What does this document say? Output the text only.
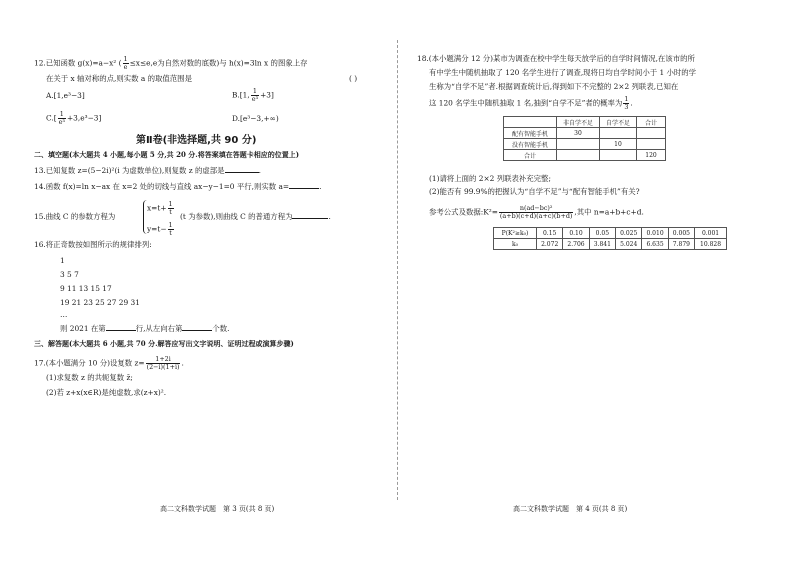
12.已知函数 g(x)=a−x² ( $\frac{1}{e} \le x\le e,e$为自然对数的底数)与 h(x)=3ln x 的图象上存
在关于 x 轴对称的点,则实数 a 的取值范围是	( )
A.[1,e³−3]	B.[1, $\frac{1}{\text{e³}} +3$]
$C.[ \frac{1}{\text{e³}} +3,e^3-3]$	D.[e³−3,+∞)
第Ⅱ卷(非选择题,共 90 分)
二、填空题(本大题共 4 小题,每小题 5 分,共 20 分.将答案填在答题卡相应的位置上)
13.已知复数 z=(5−2i)²(i 为虚数单位),则复数 z 的虚部是	.
14.函数 f(x)=ln x−ax 在 x=2 处的切线与直线 ax−y−1=0 平行,则实数 a=	.
15.曲线 C 的参数方程为
$x=t+ \frac{1}{t}$
$y=t- \frac{1}{t}$
(t 为参数),则曲线 C 的普通方程为	.
16.将正奇数按如图所示的规律排列:
1
3 5 7
9 11 13 15 17
19 21 23 25 27 29 31
…
则 2021 在第	行,从左向右第	个数.
三、解答题(本大题共 6 小题,共 70 分.解答应写出文字说明、证明过程或演算步骤)
17.(本小题满分 10 分)设复数 $z= \frac{1+2i}{(2-i)(1+i)}$ .
(1)求复数 z 的共轭复数 z̄;
(2)若 z+x(x∈R)是纯虚数,求(z+x)².
高二文科数学试题　第 3 页(共 8 页)
18.(本小题满分 12 分)某市为调查在校中学生每天放学后的自学时间情况,在该市的所
有中学生中随机抽取了 120 名学生进行了调查,现将日均自学时间小于 1 小时的学
生称为“自学不足”者.根据调查统计后,得到如下不完整的 2×2 列联表,已知在
这 120 名学生中随机抽取 1 名,抽到“自学不足”者的概率为 $\frac{1}{3}$ .
	非自学不足	自学不足	合计
配有智能手机	30		
没有智能手机		10	
合计			120
(1)请将上面的 2×2 列联表补充完整;
(2)能否有 99.9%的把握认为“自学不足”与“配有智能手机”有关?
参考公式及数据:K²= $\frac{\text{n(ad−bc)²}}{(a+b)(c+d)(a+c)(b+d)}$ ,其中 n=a+b+c+d.
P(K²≥k₀)	0.15	0.10	0.05	0.025	0.010	0.005	0.001
k₀	2.072	2.706	3.841	5.024	6.635	7.879	10.828
高二文科数学试题　第 4 页(共 8 页)
